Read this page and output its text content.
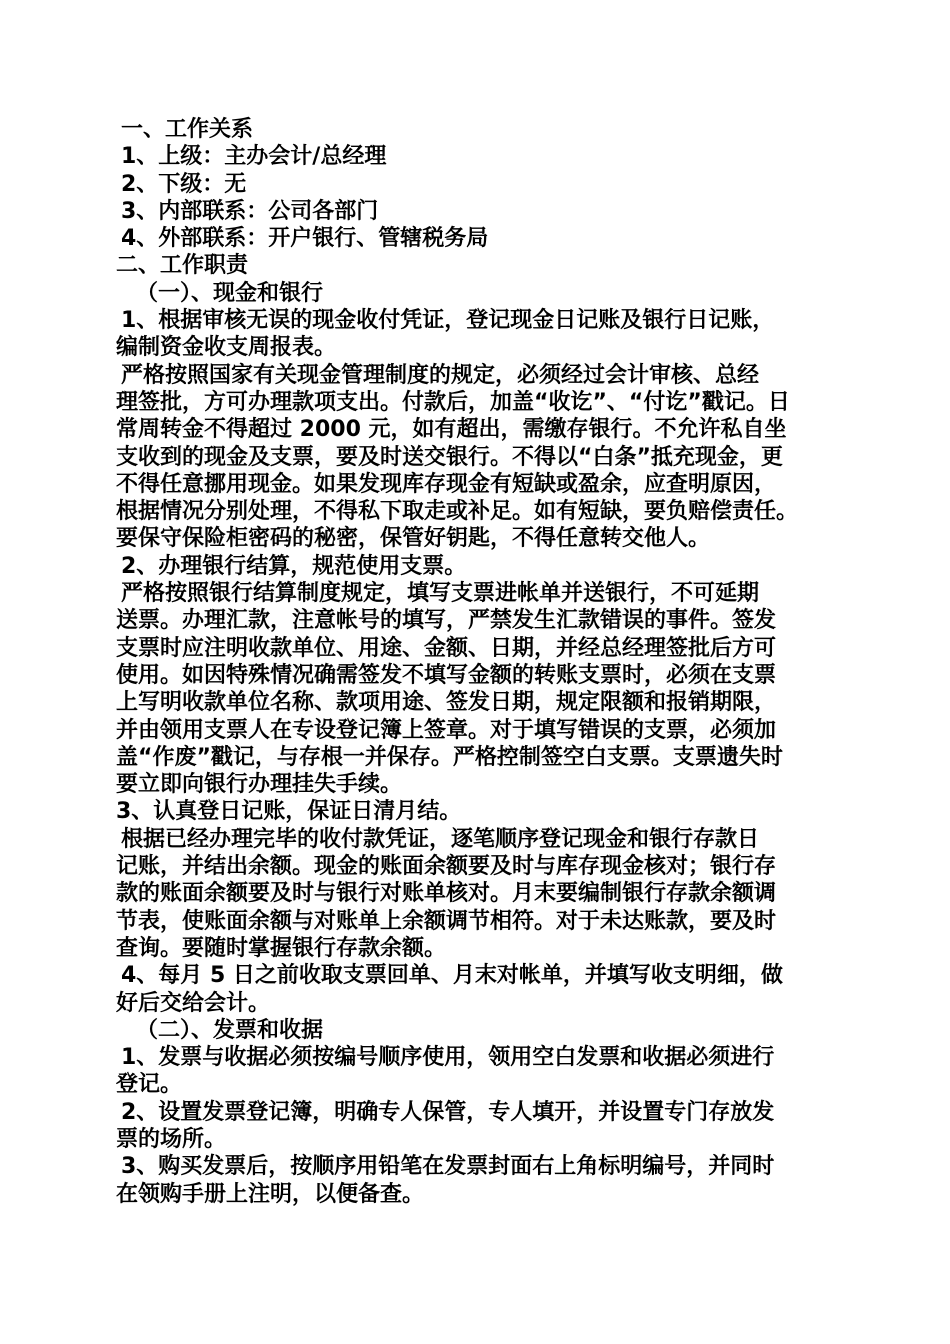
一、工作关系
1、上级：主办会计/总经理
2、下级：无
3、内部联系：公司各部门
4、外部联系：开户银行、管辖税务局
二、工作职责
（一）、现金和银行
1、根据审核无误的现金收付凭证，登记现金日记账及银行日记账，
编制资金收支周报表。
严格按照国家有关现金管理制度的规定，必须经过会计审核、总经
理签批，方可办理款项支出。付款后，加盖“收讫”、“付讫”戳记。日
常周转金不得超过 2000 元，如有超出，需缴存银行。不允许私自坐
支收到的现金及支票，要及时送交银行。不得以“白条”抵充现金，更
不得任意挪用现金。如果发现库存现金有短缺或盈余，应查明原因，
根据情况分别处理，不得私下取走或补足。如有短缺，要负赔偿责任。
要保守保险柜密码的秘密，保管好钥匙，不得任意转交他人。
2、办理银行结算，规范使用支票。
严格按照银行结算制度规定，填写支票进帐单并送银行，不可延期
送票。办理汇款，注意帐号的填写，严禁发生汇款错误的事件。签发
支票时应注明收款单位、用途、金额、日期，并经总经理签批后方可
使用。如因特殊情况确需签发不填写金额的转账支票时，必须在支票
上写明收款单位名称、款项用途、签发日期，规定限额和报销期限，
并由领用支票人在专设登记簿上签章。对于填写错误的支票，必须加
盖“作废”戳记，与存根一并保存。严格控制签空白支票。支票遗失时
要立即向银行办理挂失手续。
3、认真登日记账，保证日清月结。
根据已经办理完毕的收付款凭证，逐笔顺序登记现金和银行存款日
记账，并结出余额。现金的账面余额要及时与库存现金核对；银行存
款的账面余额要及时与银行对账单核对。月末要编制银行存款余额调
节表，使账面余额与对账单上余额调节相符。对于未达账款，要及时
查询。要随时掌握银行存款余额。
4、每月 5 日之前收取支票回单、月末对帐单，并填写收支明细，做
好后交给会计。
（二）、发票和收据
1、发票与收据必须按编号顺序使用，领用空白发票和收据必须进行
登记。
2、设置发票登记簿，明确专人保管，专人填开，并设置专门存放发
票的场所。
3、购买发票后，按顺序用铅笔在发票封面右上角标明编号，并同时
在领购手册上注明，以便备查。
